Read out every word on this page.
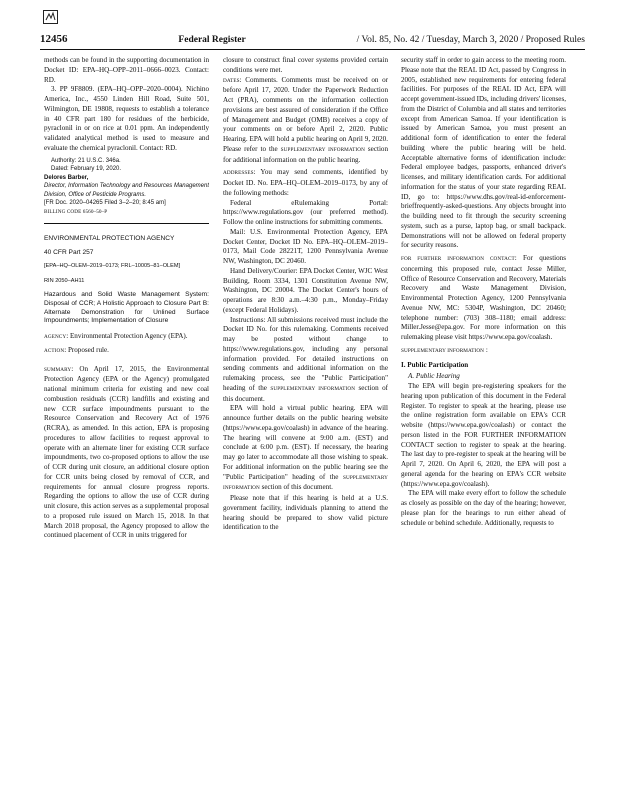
12456	Federal Register	/ Vol. 85, No. 42 / Tuesday, March 3, 2020 / Proposed Rules

methods can be found in the supporting documentation in Docket ID: EPA–HQ–OPP–2011–0666–0023. Contact: RD.

3. PP 9F8809. (EPA–HQ–OPP–2020–0004). Nichino America, Inc., 4550 Linden Hill Road, Suite 501, Wilmington, DE 19808, requests to establish a tolerance in 40 CFR part 180 for residues of the herbicide, pyraclonil in or on rice at 0.01 ppm. An independently validated analytical method is used to measure and evaluate the chemical pyraclonil. Contact: RD.

Authority: 21 U.S.C. 346a.

Dated: February 19, 2020.

Delores Barber,

Director, Information Technology and Resources Management Division, Office of Pesticide Programs.

[FR Doc. 2020–04265 Filed 3–2–20; 8:45 am]

BILLING CODE 6560–50–P

ENVIRONMENTAL PROTECTION AGENCY

40 CFR Part 257

[EPA–HQ–OLEM–2019–0173; FRL–10005–81–OLEM]

RIN 2050–AH11

Hazardous and Solid Waste Management System: Disposal of CCR; A Holistic Approach to Closure Part B: Alternate Demonstration for Unlined Surface Impoundments; Implementation of Closure

AGENCY: Environmental Protection Agency (EPA).

ACTION: Proposed rule.

SUMMARY: On April 17, 2015, the Environmental Protection Agency (EPA or the Agency) promulgated national minimum criteria for existing and new coal combustion residuals (CCR) landfills and existing and new CCR surface impoundments pursuant to the Resource Conservation and Recovery Act of 1976 (RCRA), as amended. In this action, EPA is proposing procedures to allow facilities to request approval to operate with an alternate liner for existing CCR surface impoundments, two co-proposed options to allow the use of CCR during unit closure, an additional closure option for CCR units being closed by removal of CCR, and requirements for annual closure progress reports. Regarding the options to allow the use of CCR during unit closure, this action serves as a supplemental proposal to a proposed rule issued on March 15, 2018. In that March 2018 proposal, the Agency proposed to allow the continued placement of CCR in units triggered for

closure to construct final cover systems provided certain conditions were met.

DATES: Comments. Comments must be received on or before April 17, 2020. Under the Paperwork Reduction Act (PRA), comments on the information collection provisions are best assured of consideration if the Office of Management and Budget (OMB) receives a copy of your comments on or before April 2, 2020. Public Hearing. EPA will hold a public hearing on April 9, 2020. Please refer to the SUPPLEMENTARY INFORMATION section for additional information on the public hearing.

ADDRESSES: You may send comments, identified by Docket ID. No. EPA–HQ–OLEM–2019–0173, by any of the following methods:

Federal eRulemaking Portal: https://www.regulations.gov (our preferred method). Follow the online instructions for submitting comments.

Mail: U.S. Environmental Protection Agency, EPA Docket Center, Docket ID No. EPA–HQ–OLEM–2019–0173, Mail Code 28221T, 1200 Pennsylvania Avenue NW, Washington, DC 20460.

Hand Delivery/Courier: EPA Docket Center, WJC West Building, Room 3334, 1301 Constitution Avenue NW, Washington, DC 20004. The Docket Center's hours of operations are 8:30 a.m.–4:30 p.m., Monday–Friday (except Federal Holidays).

Instructions: All submissions received must include the Docket ID No. for this rulemaking. Comments received may be posted without change to https://www.regulations.gov, including any personal information provided. For detailed instructions on sending comments and additional information on the rulemaking process, see the "Public Participation" heading of the SUPPLEMENTARY INFORMATION section of this document.

EPA will hold a virtual public hearing. EPA will announce further details on the public hearing website (https://www.epa.gov/coalash) in advance of the hearing. The hearing will convene at 9:00 a.m. (EST) and conclude at 6:00 p.m. (EST). If necessary, the hearing may go later to accommodate all those wishing to speak. For additional information on the public hearing see the "Public Participation" heading of the SUPPLEMENTARY INFORMATION section of this document.

Please note that if this hearing is held at a U.S. government facility, individuals planning to attend the hearing should be prepared to show valid picture identification to the

security staff in order to gain access to the meeting room. Please note that the REAL ID Act, passed by Congress in 2005, established new requirements for entering federal facilities. For purposes of the REAL ID Act, EPA will accept government-issued IDs, including drivers' licenses, from the District of Columbia and all states and territories except from American Samoa. If your identification is issued by American Samoa, you must present an additional form of identification to enter the federal building where the public hearing will be held. Acceptable alternative forms of identification include: Federal employee badges, passports, enhanced driver's licenses, and military identification cards. For additional information for the status of your state regarding REAL ID, go to: https://www.dhs.gov/real-id-enforcement-brieffrequently-asked-questions. Any objects brought into the building need to fit through the security screening system, such as a purse, laptop bag, or small backpack. Demonstrations will not be allowed on federal property for security reasons.

FOR FURTHER INFORMATION CONTACT: For questions concerning this proposed rule, contact Jesse Miller, Office of Resource Conservation and Recovery, Materials Recovery and Waste Management Division, Environmental Protection Agency, 1200 Pennsylvania Avenue NW, MC: 5304P, Washington, DC 20460; telephone number: (703) 308–1180; email address: Miller.Jesse@epa.gov. For more information on this rulemaking please visit https://www.epa.gov/coalash.

SUPPLEMENTARY INFORMATION :

I. Public Participation

A. Public Hearing

The EPA will begin pre-registering speakers for the hearing upon publication of this document in the Federal Register. To register to speak at the hearing, please use the online registration form available on EPA's CCR website (https://www.epa.gov/coalash) or contact the person listed in the FOR FURTHER INFORMATION CONTACT section to register to speak at the hearing. The last day to pre-register to speak at the hearing will be April 7, 2020. On April 6, 2020, the EPA will post a general agenda for the hearing on EPA's CCR website (https://www.epa.gov/coalash).

The EPA will make every effort to follow the schedule as closely as possible on the day of the hearing; however, please plan for the hearings to run either ahead of schedule or behind schedule. Additionally, requests to
